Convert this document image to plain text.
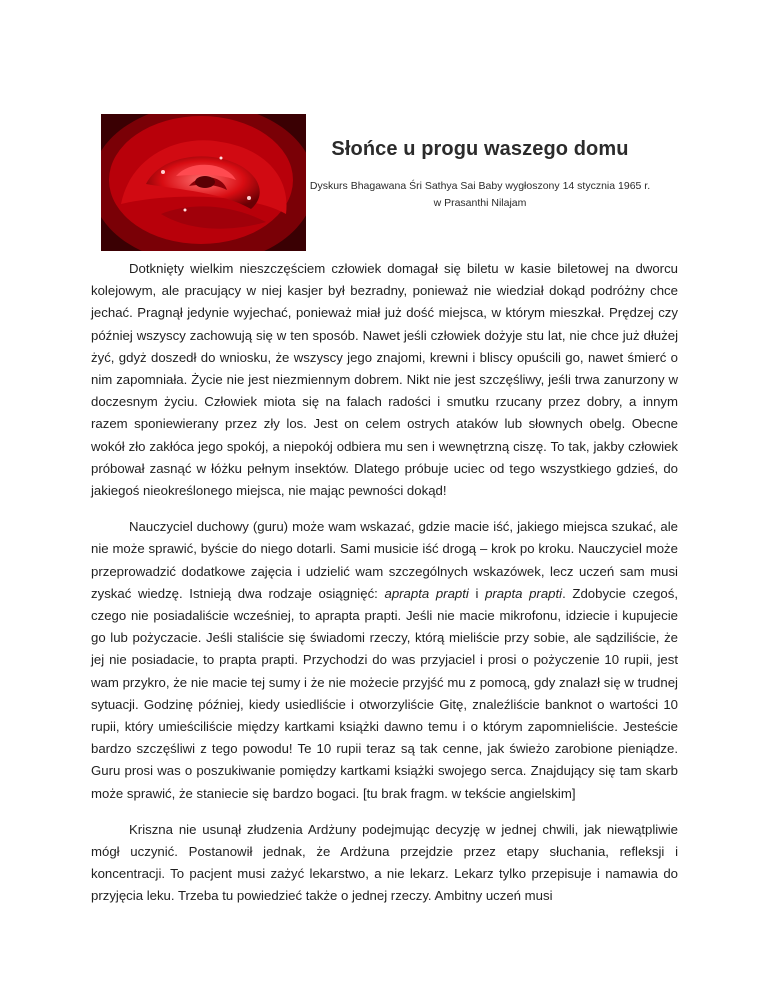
Słońce u progu waszego domu
Dyskurs Bhagawana Śri Sathya Sai Baby wygłoszony 14 stycznia 1965 r.
w Prasanthi Nilajam

Dotknięty wielkim nieszczęściem człowiek domagał się biletu w kasie biletowej na dworcu kolejowym, ale pracujący w niej kasjer był bezradny, ponieważ nie wiedział dokąd podróżny chce jechać. Pragnął jedynie wyjechać, ponieważ miał już dość miejsca, w którym mieszkał. Prędzej czy później wszyscy zachowują się w ten sposób. Nawet jeśli człowiek dożyje stu lat, nie chce już dłużej żyć, gdyż doszedł do wniosku, że wszyscy jego znajomi, krewni i bliscy opuścili go, nawet śmierć o nim zapomniała. Życie nie jest niezmiennym dobrem. Nikt nie jest szczęśliwy, jeśli trwa zanurzony w doczesnym życiu. Człowiek miota się na falach radości i smutku rzucany przez dobry, a innym razem sponiewierany przez zły los. Jest on celem ostrych ataków lub słownych obelg. Obecne wokół zło zakłóca jego spokój, a niepokój odbiera mu sen i wewnętrzną ciszę. To tak, jakby człowiek próbował zasnąć w łóżku pełnym insektów. Dlatego próbuje uciec od tego wszystkiego gdzieś, do jakiegoś nieokreślonego miejsca, nie mając pewności dokąd!

Nauczyciel duchowy (guru) może wam wskazać, gdzie macie iść, jakiego miejsca szukać, ale nie może sprawić, byście do niego dotarli. Sami musicie iść drogą – krok po kroku. Nauczyciel może przeprowadzić dodatkowe zajęcia i udzielić wam szczególnych wskazówek, lecz uczeń sam musi zyskać wiedzę. Istnieją dwa rodzaje osiągnięć: aprapta prapti i prapta prapti. Zdobycie czegoś, czego nie posiadaliście wcześniej, to aprapta prapti. Jeśli nie macie mikrofonu, idziecie i kupujecie go lub pożyczacie. Jeśli staliście się świadomi rzeczy, którą mieliście przy sobie, ale sądziliście, że jej nie posiadacie, to prapta prapti. Przychodzi do was przyjaciel i prosi o pożyczenie 10 rupii, jest wam przykro, że nie macie tej sumy i że nie możecie przyjść mu z pomocą, gdy znalazł się w trudnej sytuacji. Godzinę później, kiedy usiedliście i otworzyliście Gitę, znaleźliście banknot o wartości 10 rupii, który umieściliście między kartkami książki dawno temu i o którym zapomnieliście. Jesteście bardzo szczęśliwi z tego powodu! Te 10 rupii teraz są tak cenne, jak świeżo zarobione pieniądze. Guru prosi was o poszukiwanie pomiędzy kartkami książki swojego serca. Znajdujący się tam skarb może sprawić, że staniecie się bardzo bogaci. [tu brak fragm. w tekście angielskim]

Kriszna nie usunął złudzenia Ardżuny podejmując decyzję w jednej chwili, jak niewątpliwie mógł uczynić. Postanowił jednak, że Ardżuna przejdzie przez etapy słuchania, refleksji i koncentracji. To pacjent musi zażyć lekarstwo, a nie lekarz. Lekarz tylko przepisuje i namawia do przyjęcia leku. Trzeba tu powiedzieć także o jednej rzeczy. Ambitny uczeń musi
